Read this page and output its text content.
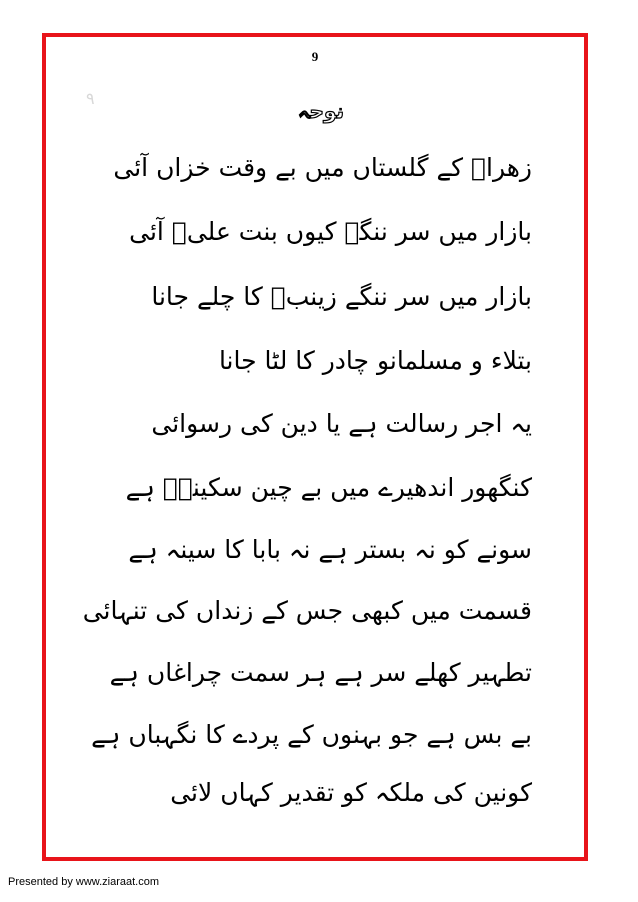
9
۹
نوحہ
زھراؑ کے گلستاں میں بے وقت خزاں آئی
بازار میں سر ننگے کیوں بنت علیؑ آئی
بازار میں سر ننگے زینبؑ کا چلے جانا
بتلاء و مسلمانو چادر کا لٹا جانا
یہ اجر رسالت ہے یا دین کی رسوائی
کنگھور اندھیرے میں بے چین سکینہؑ ہے
سونے کو نہ بستر ہے نہ بابا کا سینہ ہے
قسمت میں کبھی جس کے زنداں کی تنہائی
تطہیر کھلے سر ہے ہر سمت چراغاں ہے
بے بس ہے جو بہنوں کے پردے کا نگہباں ہے
کونین کی ملکہ کو تقدیر کہاں لائی
Presented by www.ziaraat.com
